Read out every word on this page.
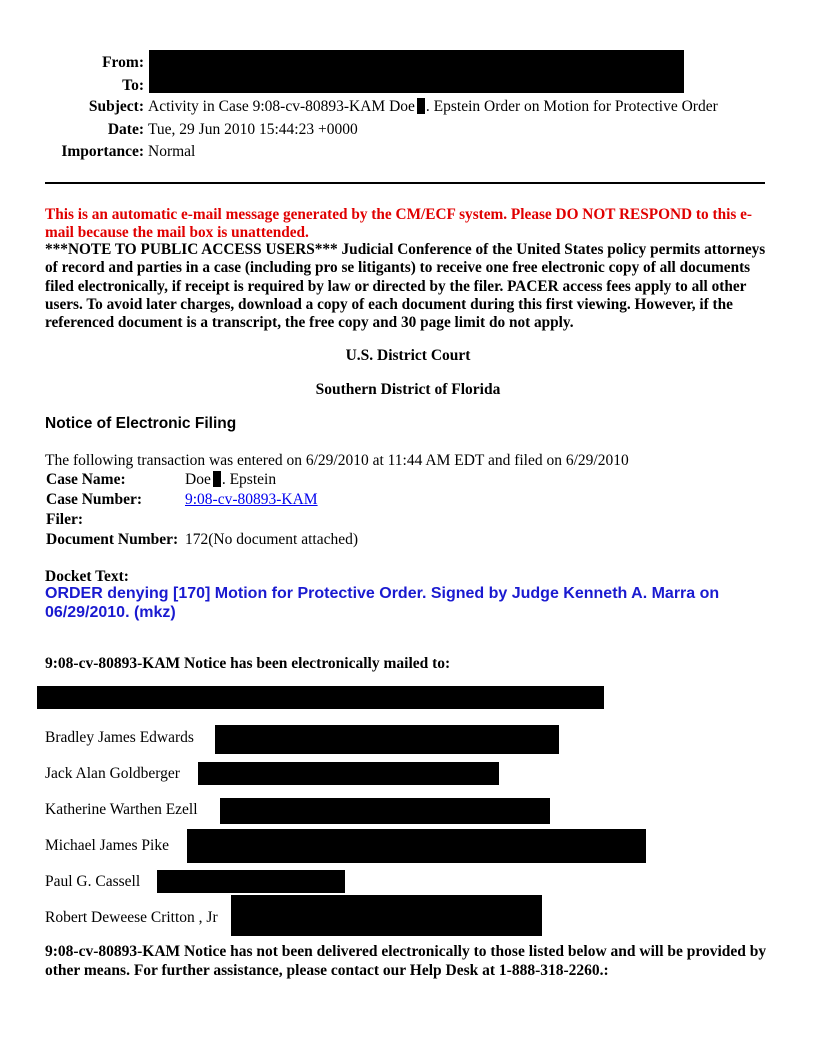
From:
To:
Subject: Activity in Case 9:08-cv-80893-KAM Doe . Epstein Order on Motion for Protective Order
Date: Tue, 29 Jun 2010 15:44:23 +0000
Importance: Normal
This is an automatic e-mail message generated by the CM/ECF system. Please DO NOT RESPOND to this e-mail because the mail box is unattended.
***NOTE TO PUBLIC ACCESS USERS*** Judicial Conference of the United States policy permits attorneys of record and parties in a case (including pro se litigants) to receive one free electronic copy of all documents filed electronically, if receipt is required by law or directed by the filer. PACER access fees apply to all other users. To avoid later charges, download a copy of each document during this first viewing. However, if the referenced document is a transcript, the free copy and 30 page limit do not apply.
U.S. District Court
Southern District of Florida
Notice of Electronic Filing
The following transaction was entered on 6/29/2010 at 11:44 AM EDT and filed on 6/29/2010
Case Name:	Doe . Epstein
Case Number:	9:08-cv-80893-KAM
Filer:
Document Number: 172(No document attached)
Docket Text:
ORDER denying [170] Motion for Protective Order. Signed by Judge Kenneth A. Marra on 06/29/2010. (mkz)
9:08-cv-80893-KAM Notice has been electronically mailed to:
Bradley James Edwards
Jack Alan Goldberger
Katherine Warthen Ezell
Michael James Pike
Paul G. Cassell
Robert Deweese Critton , Jr
9:08-cv-80893-KAM Notice has not been delivered electronically to those listed below and will be provided by other means. For further assistance, please contact our Help Desk at 1-888-318-2260.:
